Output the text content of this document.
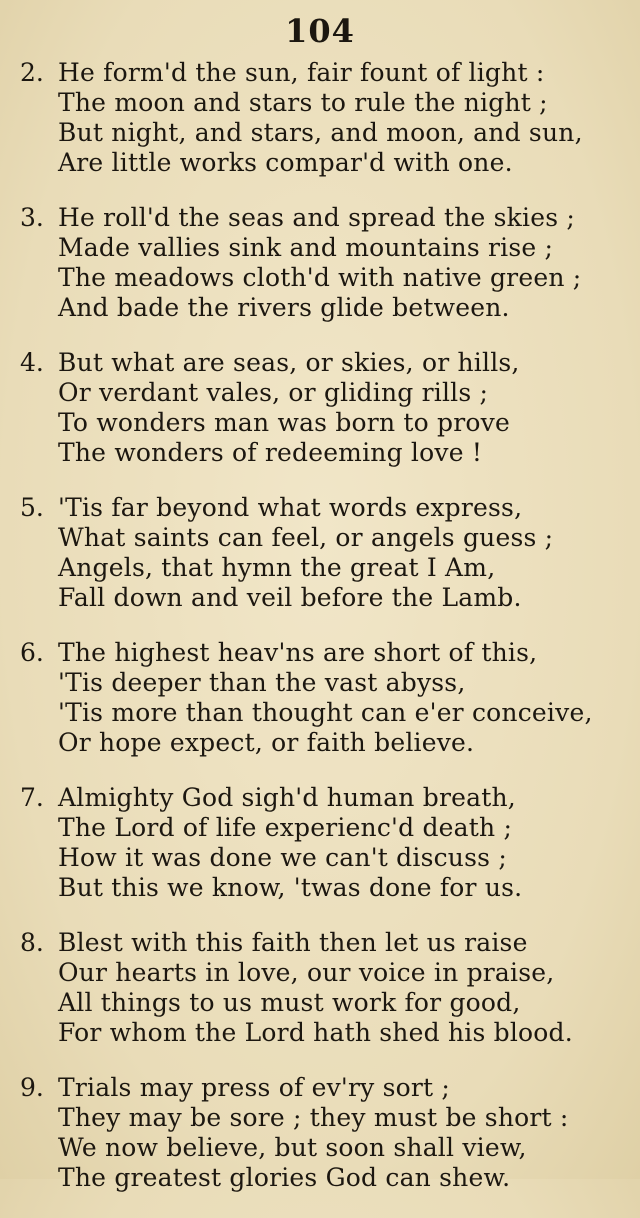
104
2. He form'd the sun, fair fount of light :
The moon and stars to rule the night ;
But night, and stars, and moon, and sun,
Are little works compar'd with one.
3. He roll'd the seas and spread the skies ;
Made vallies sink and mountains rise ;
The meadows cloth'd with native green ;
And bade the rivers glide between.
4. But what are seas, or skies, or hills,
Or verdant vales, or gliding rills ;
To wonders man was born to prove
The wonders of redeeming love !
5. 'Tis far beyond what words express,
What saints can feel, or angels guess ;
Angels, that hymn the great I Am,
Fall down and veil before the Lamb.
6. The highest heav'ns are short of this,
'Tis deeper than the vast abyss,
'Tis more than thought can e'er conceive,
Or hope expect, or faith believe.
7. Almighty God sigh'd human breath,
The Lord of life experienc'd death ;
How it was done we can't discuss ;
But this we know, 'twas done for us.
8. Blest with this faith then let us raise
Our hearts in love, our voice in praise,
All things to us must work for good,
For whom the Lord hath shed his blood.
9. Trials may press of ev'ry sort ;
They may be sore ; they must be short :
We now believe, but soon shall view,
The greatest glories God can shew.
